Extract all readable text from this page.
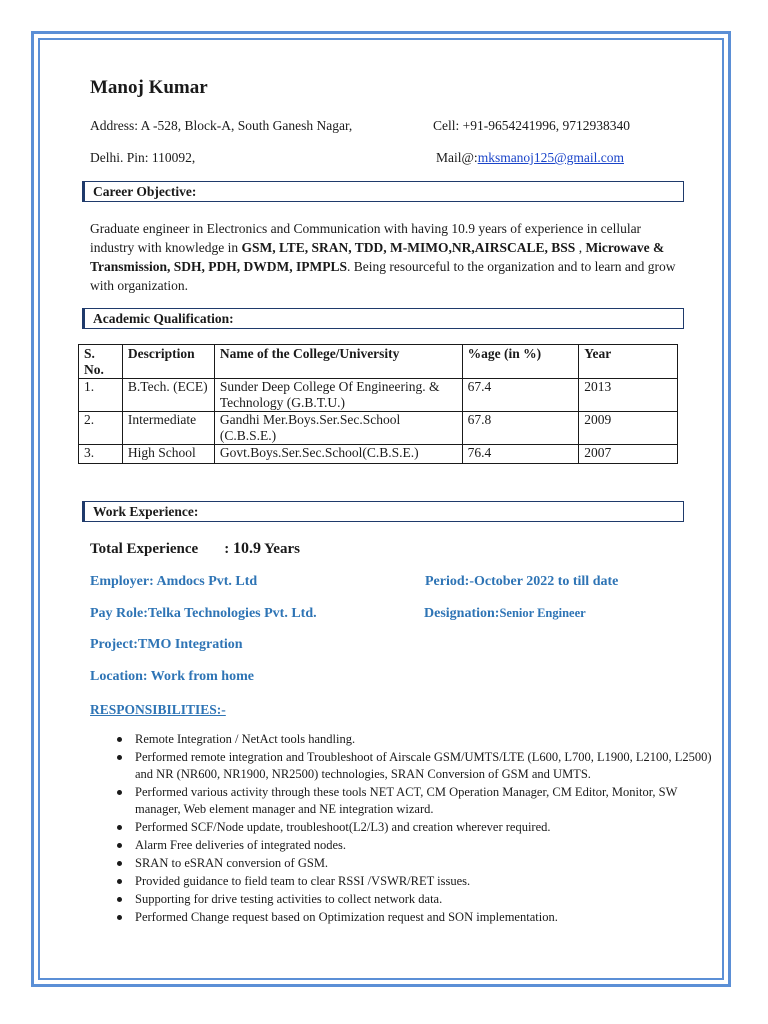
Manoj Kumar
Address: A -528, Block-A, South Ganesh Nagar,	Cell: +91-9654241996, 9712938340
Delhi. Pin: 110092,	Mail@:mksmanoj125@gmail.com
Career Objective:
Graduate engineer in Electronics and Communication with having 10.9 years of experience in cellular industry with knowledge in GSM, LTE, SRAN, TDD, M-MIMO,NR,AIRSCALE, BSS , Microwave & Transmission, SDH, PDH, DWDM, IPMPLS. Being resourceful to the organization and to learn and grow with organization.
Academic Qualification:
S. No.	Description	Name of the College/University	%age (in %)	Year
1.	B.Tech. (ECE)	Sunder Deep College Of Engineering. & Technology (G.B.T.U.)	67.4	2013
2.	Intermediate	Gandhi Mer.Boys.Ser.Sec.School (C.B.S.E.)	67.8	2009
3.	High School	Govt.Boys.Ser.Sec.School(C.B.S.E.)	76.4	2007
Work Experience:
Total Experience : 10.9 Years
Employer: Amdocs Pvt. Ltd	Period:-October 2022 to till date
Pay Role:Telka Technologies Pvt. Ltd.	Designation:Senior Engineer
Project:TMO Integration
Location: Work from home
RESPONSIBILITIES:-
Remote Integration / NetAct tools handling.
Performed remote integration and Troubleshoot of Airscale GSM/UMTS/LTE (L600, L700, L1900, L2100, L2500) and NR (NR600, NR1900, NR2500) technologies, SRAN Conversion of GSM and UMTS.
Performed various activity through these tools NET ACT, CM Operation Manager, CM Editor, Monitor, SW manager, Web element manager and NE integration wizard.
Performed SCF/Node update, troubleshoot(L2/L3) and creation wherever required.
Alarm Free deliveries of integrated nodes.
SRAN to eSRAN conversion of GSM.
Provided guidance to field team to clear RSSI /VSWR/RET issues.
Supporting for drive testing activities to collect network data.
Performed Change request based on Optimization request and SON implementation.
